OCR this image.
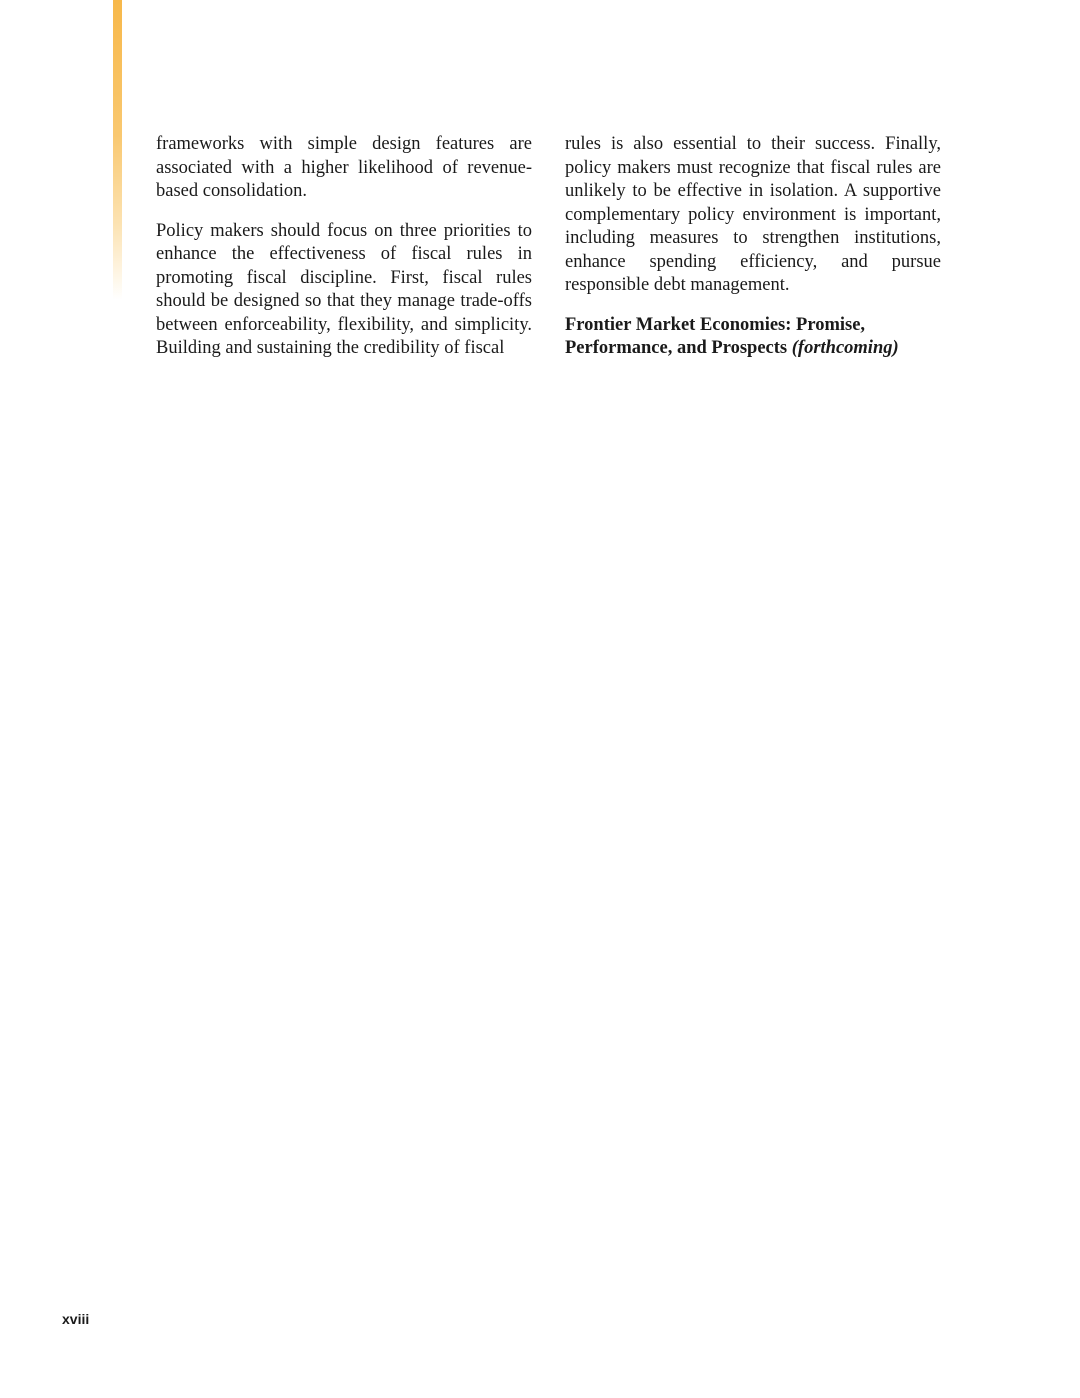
frameworks with simple design features are associated with a higher likelihood of revenue-based consolidation.

Policy makers should focus on three priorities to enhance the effectiveness of fiscal rules in promoting fiscal discipline. First, fiscal rules should be designed so that they manage trade-offs between enforceability, flexibility, and simplicity. Building and sustaining the credibility of fiscal

rules is also essential to their success. Finally, policy makers must recognize that fiscal rules are unlikely to be effective in isolation. A supportive complementary policy environment is important, including measures to strengthen institutions, enhance spending efficiency, and pursue responsible debt management.

Frontier Market Economies: Promise, Performance, and Prospects (forthcoming)

xviii
